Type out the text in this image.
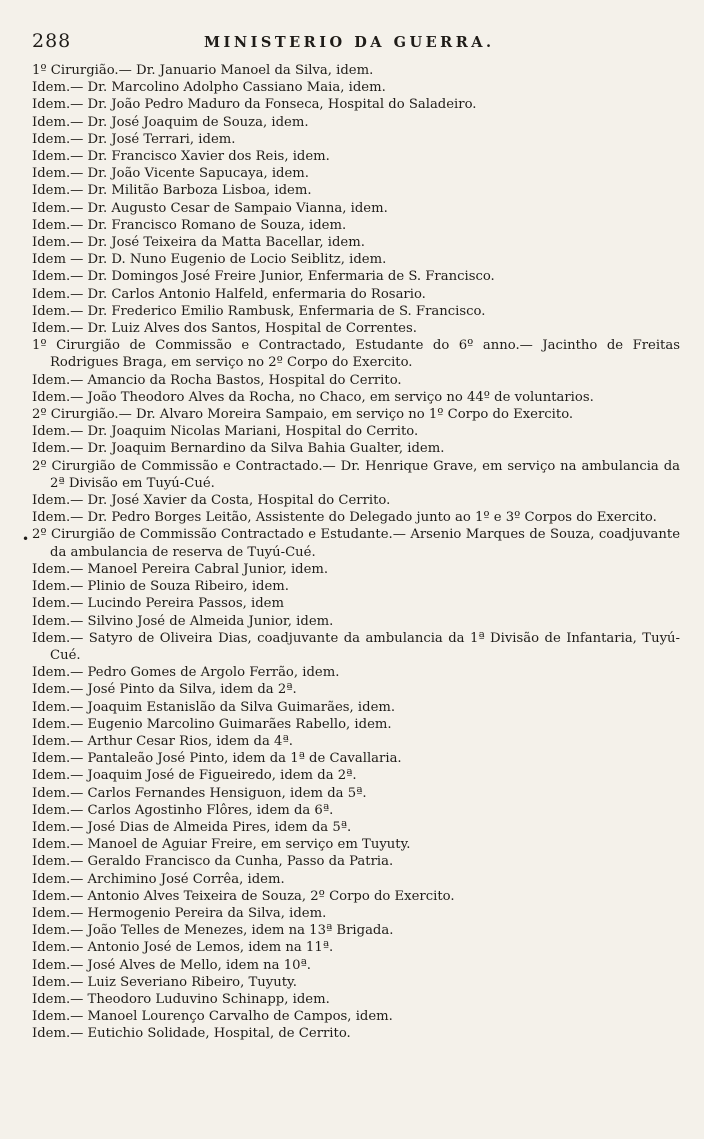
288	MINISTERIO DA GUERRA.
•
1º Cirurgião.— Dr. Januario Manoel da Silva, idem.
Idem.— Dr. Marcolino Adolpho Cassiano Maia, idem.
Idem.— Dr. João Pedro Maduro da Fonseca, Hospital do Saladeiro.
Idem.— Dr. José Joaquim de Souza, idem.
Idem.— Dr. José Terrari, idem.
Idem.— Dr. Francisco Xavier dos Reis, idem.
Idem.— Dr. João Vicente Sapucaya, idem.
Idem.— Dr. Militão Barboza Lisboa, idem.
Idem.— Dr. Augusto Cesar de Sampaio Vianna, idem.
Idem.— Dr. Francisco Romano de Souza, idem.
Idem.— Dr. José Teixeira da Matta Bacellar, idem.
Idem — Dr. D. Nuno Eugenio de Locio Seiblitz, idem.
Idem.— Dr. Domingos José Freire Junior, Enfermaria de S. Francisco.
Idem.— Dr. Carlos Antonio Halfeld, enfermaria do Rosario.
Idem.— Dr. Frederico Emilio Rambusk, Enfermaria de S. Francisco.
Idem.— Dr. Luiz Alves dos Santos, Hospital de Correntes.
1º Cirurgião de Commissão e Contractado, Estudante do 6º anno.— Jacintho de Freitas Rodrigues Braga, em serviço no 2º Corpo do Exercito.
Idem.— Amancio da Rocha Bastos, Hospital do Cerrito.
Idem.— João Theodoro Alves da Rocha, no Chaco, em serviço no 44º de voluntarios.
2º Cirurgião.— Dr. Alvaro Moreira Sampaio, em serviço no 1º Corpo do Exercito.
Idem.— Dr. Joaquim Nicolas Mariani, Hospital do Cerrito.
Idem.— Dr. Joaquim Bernardino da Silva Bahia Gualter, idem.
2º Cirurgião de Commissão e Contractado.— Dr. Henrique Grave, em serviço na ambulancia da 2ª Divisão em Tuyú-Cué.
Idem.— Dr. José Xavier da Costa, Hospital do Cerrito.
Idem.— Dr. Pedro Borges Leitão, Assistente do Delegado junto ao 1º e 3º Corpos do Exercito.
2º Cirurgião de Commissão Contractado e Estudante.— Arsenio Marques de Souza, coadjuvante da ambulancia de reserva de Tuyú-Cué.
Idem.— Manoel Pereira Cabral Junior, idem.
Idem.— Plinio de Souza Ribeiro, idem.
Idem.— Lucindo Pereira Passos, idem
Idem.— Silvino José de Almeida Junior, idem.
Idem.— Satyro de Oliveira Dias, coadjuvante da ambulancia da 1ª Divisão de Infantaria, Tuyú-Cué.
Idem.— Pedro Gomes de Argolo Ferrão, idem.
Idem.— José Pinto da Silva, idem da 2ª.
Idem.— Joaquim Estanislão da Silva Guimarães, idem.
Idem.— Eugenio Marcolino Guimarães Rabello, idem.
Idem.— Arthur Cesar Rios, idem da 4ª.
Idem.— Pantaleão José Pinto, idem da 1ª de Cavallaria.
Idem.— Joaquim José de Figueiredo, idem da 2ª.
Idem.— Carlos Fernandes Hensiguon, idem da 5ª.
Idem.— Carlos Agostinho Flôres, idem da 6ª.
Idem.— José Dias de Almeida Pires, idem da 5ª.
Idem.— Manoel de Aguiar Freire, em serviço em Tuyuty.
Idem.— Geraldo Francisco da Cunha, Passo da Patria.
Idem.— Archimino José Corrêa, idem.
Idem.— Antonio Alves Teixeira de Souza, 2º Corpo do Exercito.
Idem.— Hermogenio Pereira da Silva, idem.
Idem.— João Telles de Menezes, idem na 13ª Brigada.
Idem.— Antonio José de Lemos, idem na 11ª.
Idem.— José Alves de Mello, idem na 10ª.
Idem.— Luiz Severiano Ribeiro, Tuyuty.
Idem.— Theodoro Luduvino Schinapp, idem.
Idem.— Manoel Lourenço Carvalho de Campos, idem.
Idem.— Eutichio Solidade, Hospital, de Cerrito.
